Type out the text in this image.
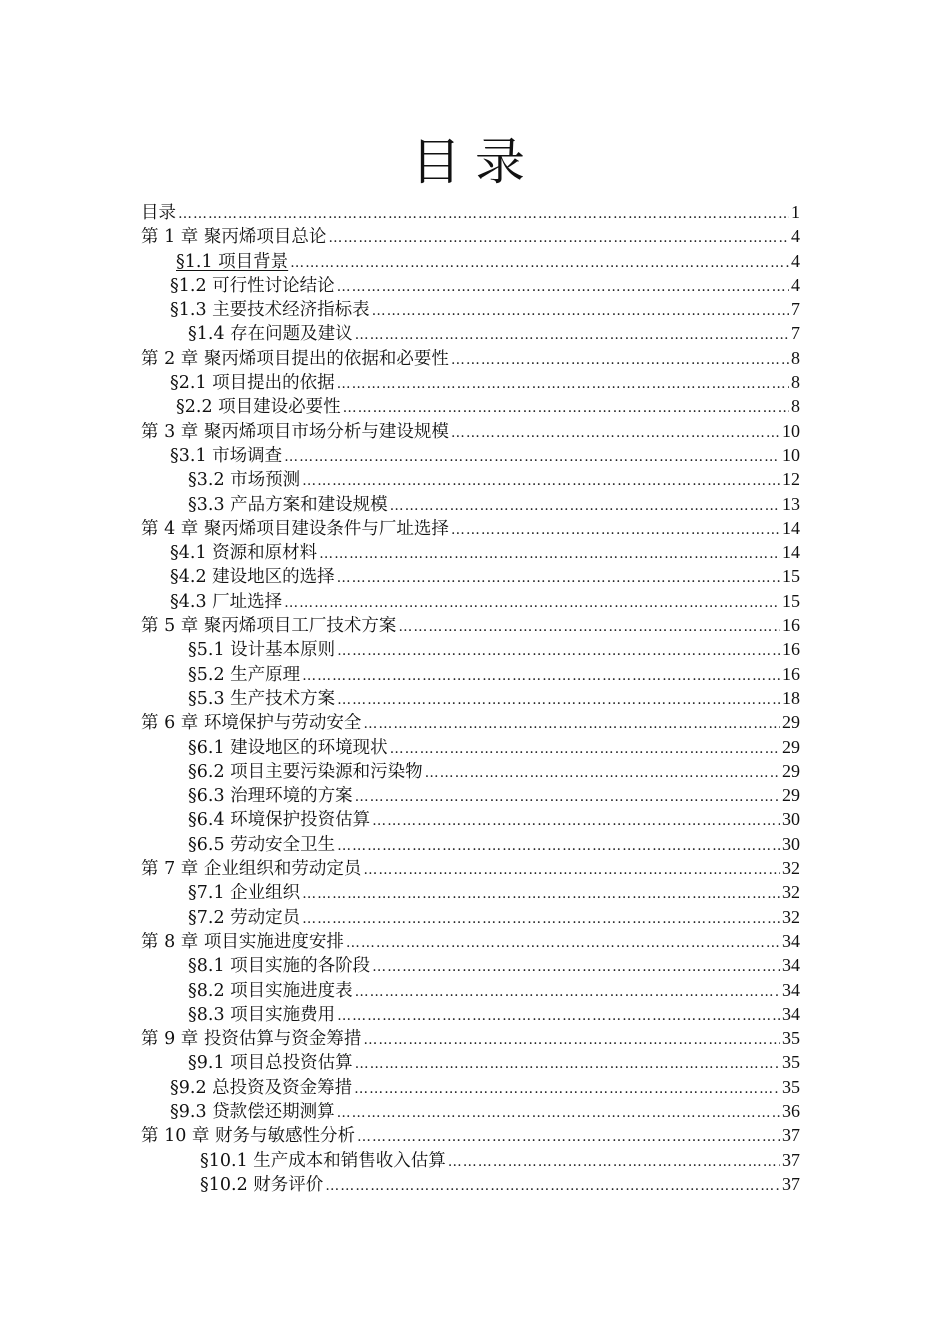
目录
目录 ……………………………………………………………………………………………………………………………………………………………………………………	1
第 1 章 聚丙烯项目总论 ……………………………………………………………………………………………………………………………………………………………………………………	4
§1.1 项目背景 ……………………………………………………………………………………………………………………………………………………………………………………	4
§1.2 可行性讨论结论 ……………………………………………………………………………………………………………………………………………………………………………………	4
§1.3 主要技术经济指标表 ……………………………………………………………………………………………………………………………………………………………………………………	7
§1.4 存在问题及建议 ……………………………………………………………………………………………………………………………………………………………………………………	7
第 2 章 聚丙烯项目提出的依据和必要性 ……………………………………………………………………………………………………………………………………………………………………………………	8
§2.1 项目提出的依据 ……………………………………………………………………………………………………………………………………………………………………………………	8
§2.2 项目建设必要性 ……………………………………………………………………………………………………………………………………………………………………………………	8
第 3 章 聚丙烯项目市场分析与建设规模 ……………………………………………………………………………………………………………………………………………………………………………………	10
§3.1 市场调查 ……………………………………………………………………………………………………………………………………………………………………………………	10
§3.2 市场预测 ……………………………………………………………………………………………………………………………………………………………………………………	12
§3.3 产品方案和建设规模 ……………………………………………………………………………………………………………………………………………………………………………………	13
第 4 章 聚丙烯项目建设条件与厂址选择 ……………………………………………………………………………………………………………………………………………………………………………………	14
§4.1 资源和原材料 ……………………………………………………………………………………………………………………………………………………………………………………	14
§4.2 建设地区的选择 ……………………………………………………………………………………………………………………………………………………………………………………	15
§4.3 厂址选择 ……………………………………………………………………………………………………………………………………………………………………………………	15
第 5 章 聚丙烯项目工厂技术方案 ……………………………………………………………………………………………………………………………………………………………………………………	16
§5.1 设计基本原则 ……………………………………………………………………………………………………………………………………………………………………………………	16
§5.2 生产原理 ……………………………………………………………………………………………………………………………………………………………………………………	16
§5.3 生产技术方案 ……………………………………………………………………………………………………………………………………………………………………………………	18
第 6 章 环境保护与劳动安全 ……………………………………………………………………………………………………………………………………………………………………………………	29
§6.1 建设地区的环境现状 ……………………………………………………………………………………………………………………………………………………………………………………	29
§6.2 项目主要污染源和污染物 ……………………………………………………………………………………………………………………………………………………………………………………	29
§6.3 治理环境的方案 ……………………………………………………………………………………………………………………………………………………………………………………	29
§6.4 环境保护投资估算 ……………………………………………………………………………………………………………………………………………………………………………………	30
§6.5 劳动安全卫生 ……………………………………………………………………………………………………………………………………………………………………………………	30
第 7 章 企业组织和劳动定员 ……………………………………………………………………………………………………………………………………………………………………………………	32
§7.1 企业组织 ……………………………………………………………………………………………………………………………………………………………………………………	32
§7.2 劳动定员 ……………………………………………………………………………………………………………………………………………………………………………………	32
第 8 章 项目实施进度安排 ……………………………………………………………………………………………………………………………………………………………………………………	34
§8.1 项目实施的各阶段 ……………………………………………………………………………………………………………………………………………………………………………………	34
§8.2 项目实施进度表 ……………………………………………………………………………………………………………………………………………………………………………………	34
§8.3 项目实施费用 ……………………………………………………………………………………………………………………………………………………………………………………	34
第 9 章 投资估算与资金筹措 ……………………………………………………………………………………………………………………………………………………………………………………	35
§9.1 项目总投资估算 ……………………………………………………………………………………………………………………………………………………………………………………	35
§9.2 总投资及资金筹措 ……………………………………………………………………………………………………………………………………………………………………………………	35
§9.3 贷款偿还期测算 ……………………………………………………………………………………………………………………………………………………………………………………	36
第 10 章 财务与敏感性分析 ……………………………………………………………………………………………………………………………………………………………………………………	37
§10.1 生产成本和销售收入估算 ……………………………………………………………………………………………………………………………………………………………………………………	37
§10.2 财务评价 ……………………………………………………………………………………………………………………………………………………………………………………	37
